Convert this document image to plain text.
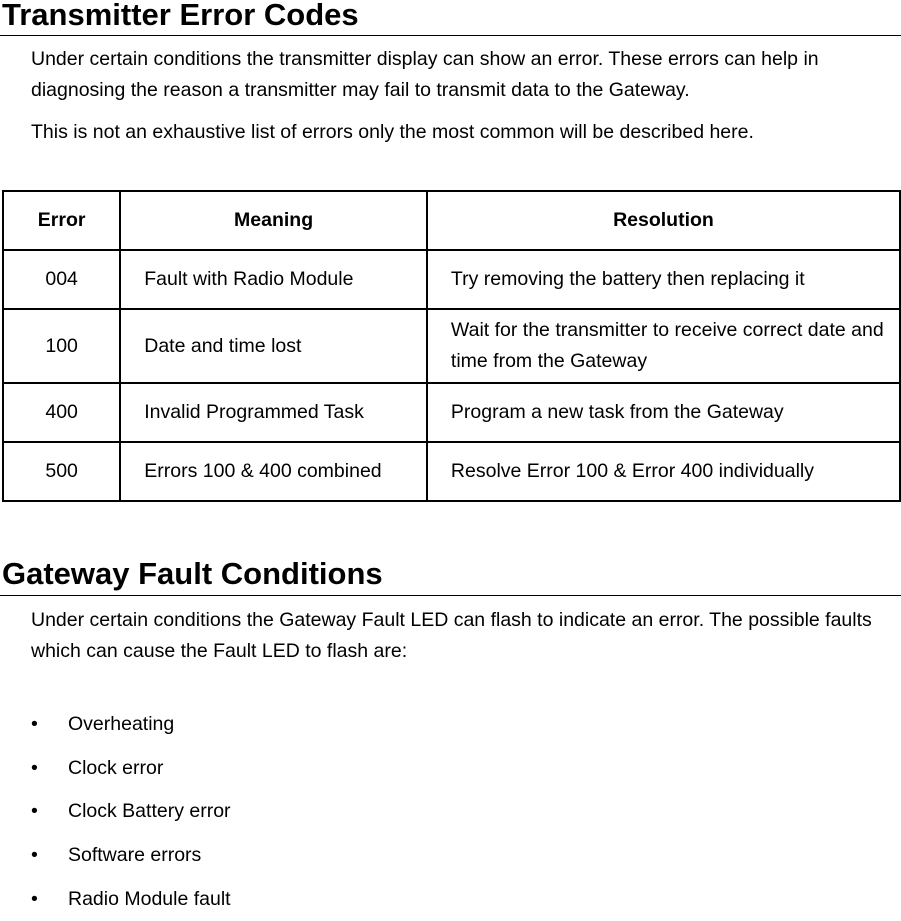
Transmitter Error Codes

Under certain conditions the transmitter display can show an error. These errors can help in diagnosing the reason a transmitter may fail to transmit data to the Gateway.

This is not an exhaustive list of errors only the most common will be described here.

Error	Meaning	Resolution
004	Fault with Radio Module	Try removing the battery then replacing it
100	Date and time lost	Wait for the transmitter to receive correct date and time from the Gateway
400	Invalid Programmed Task	Program a new task from the Gateway
500	Errors 100 & 400 combined	Resolve Error 100 & Error 400 individually
Gateway Fault Conditions

Under certain conditions the Gateway Fault LED can flash to indicate an error. The possible faults which can cause the Fault LED to flash are:

• Overheating
• Clock error
• Clock Battery error
• Software errors
• Radio Module fault
